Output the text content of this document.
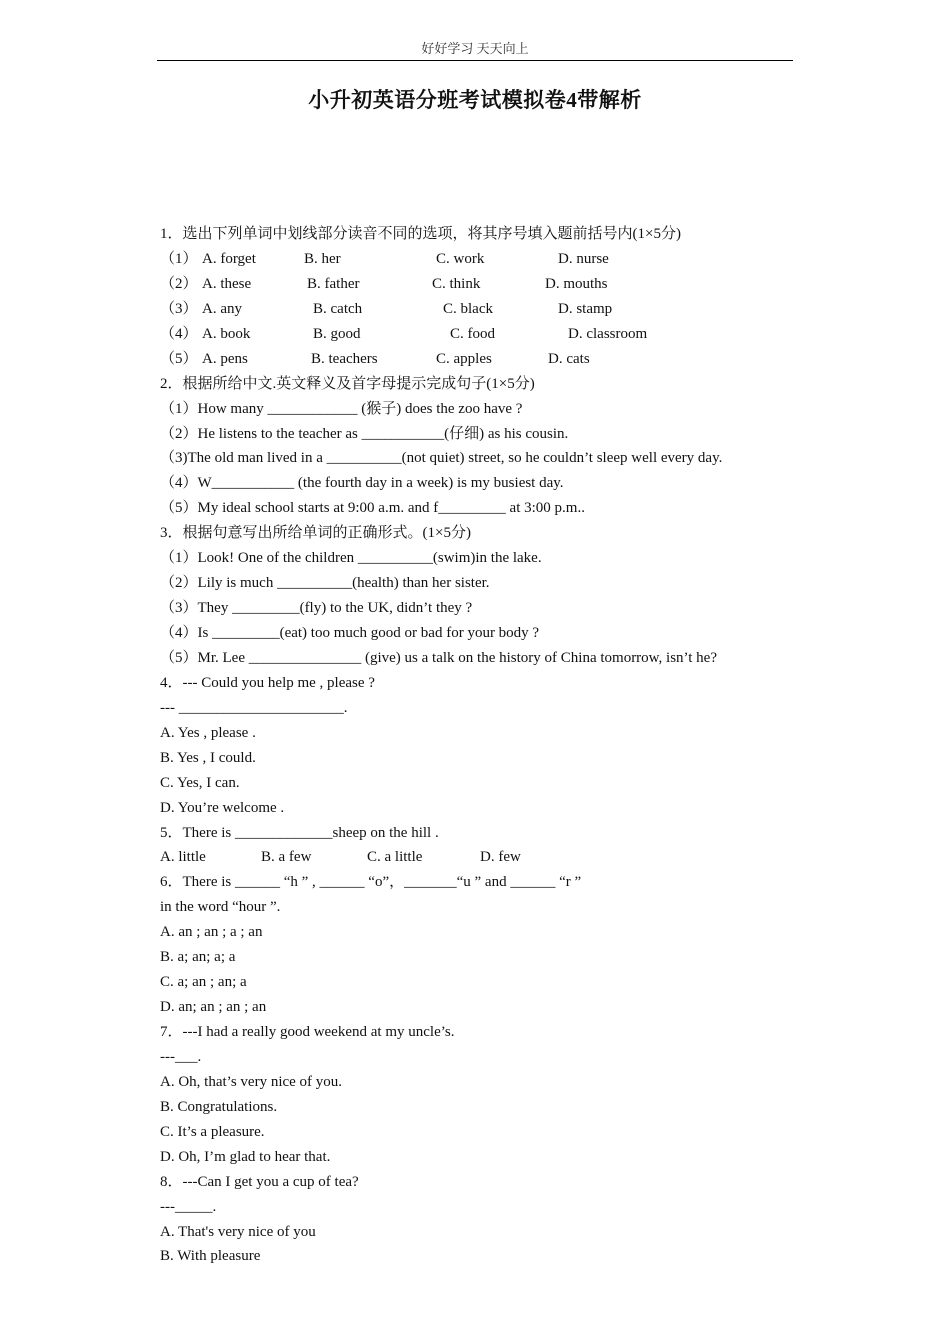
好好学习 天天向上
小升初英语分班考试模拟卷4带解析
1．选出下列单词中划线部分读音不同的选项，将其序号填入题前括号内(1×5分)
（1） A. forget	B. her	C. work	D. nurse
（2） A. these	B. father	C. think	D. mouths
（3） A. any	B. catch	C. black	D. stamp
（4） A. book	B. good	C. food	D. classroom
（5） A. pens	B. teachers	C. apples	D. cats
2．根据所给中文.英文释义及首字母提示完成句子(1×5分)
（1）How many ____________ (猴子) does the zoo have ?
（2）He listens to the teacher as ___________(仔细) as his cousin.
（3)The old man lived in a __________(not quiet) street, so he couldn’t sleep well every day.
（4）W___________ (the fourth day in a week) is my busiest day.
（5）My ideal school starts at 9:00 a.m. and f_________ at 3:00 p.m..
3．根据句意写出所给单词的正确形式。(1×5分)
（1）Look! One of the children __________(swim)in the lake.
（2）Lily is much __________(health) than her sister.
（3）They _________(fly) to the UK, didn’t they ?
（4）Is _________(eat) too much good or bad for your body ?
（5）Mr. Lee _______________ (give) us a talk on the history of China tomorrow, isn’t he?
4．--- Could you help me , please ?
--- ______________________.
A. Yes , please .
B. Yes , I could.
C. Yes, I can.
D. You’re welcome .
5．There is _____________sheep on the hill .
A. little	B. a few	C. a little	D. few
6．There is ______ “h ” , ______ “o”，_______“u ” and ______ “r ”
in the word “hour ”.
A. an ; an ; a ; an
B. a; an; a; a
C. a; an ; an; a
D. an; an ; an ; an
7．---I had a really good weekend at my uncle’s.
---___.
A. Oh, that’s very nice of you.
B. Congratulations.
C. It’s a pleasure.
D. Oh, I’m glad to hear that.
8．---Can I get you a cup of tea?
---_____.
A. That's very nice of you
B. With pleasure
